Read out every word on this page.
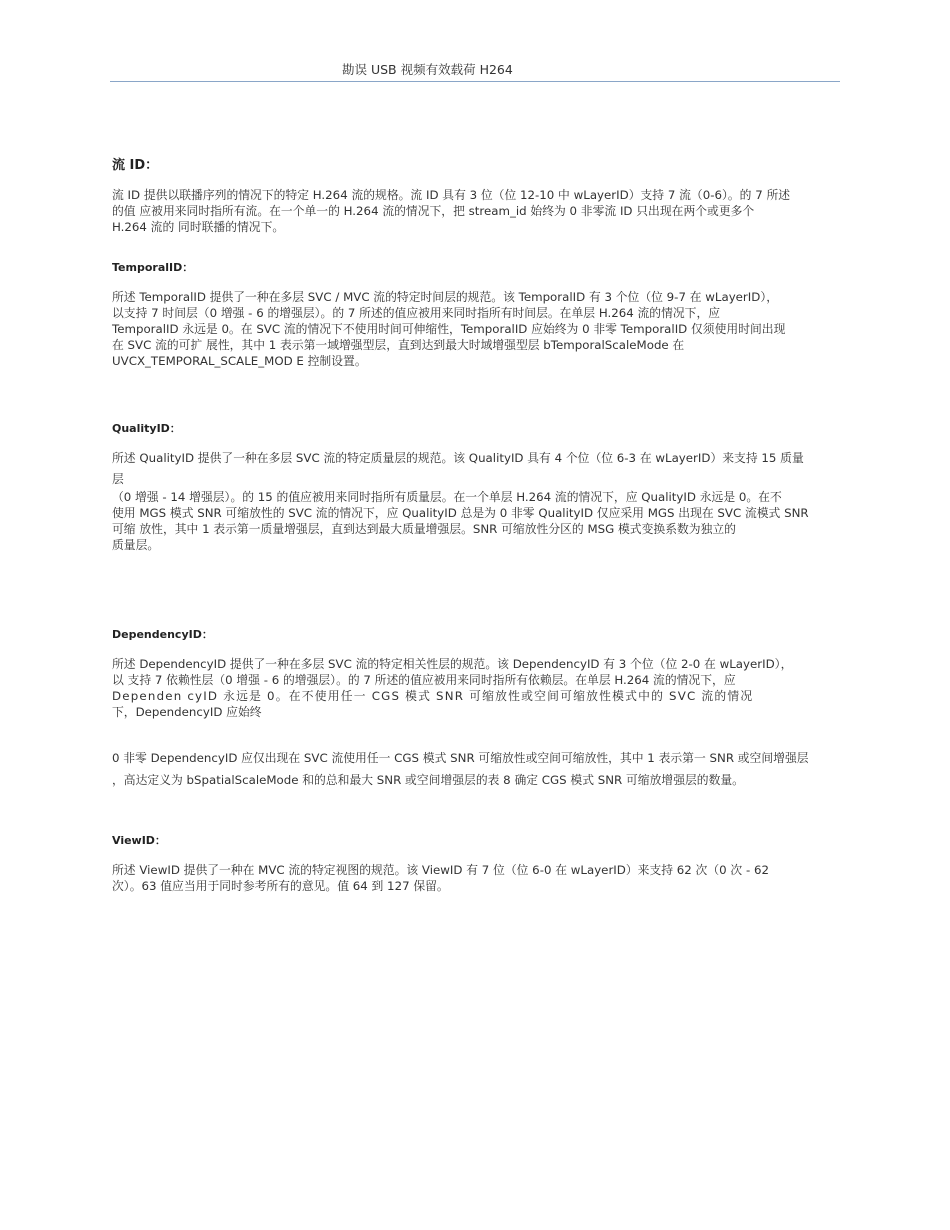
勘误 USB 视频有效载荷 H264
流 ID：
流 ID 提供以联播序列的情况下的特定 H.264 流的规格。流 ID 具有 3 位（位 12-10 中 wLayerID）支持 7 流（0-6）。的 7 所述
的值 应被用来同时指所有流。在一个单一的 H.264 流的情况下，把 stream_id 始终为 0 非零流 ID 只出现在两个或更多个
H.264 流的 同时联播的情况下。
TemporalID：
所述 TemporalID 提供了一种在多层 SVC / MVC 流的特定时间层的规范。该 TemporalID 有 3 个位（位 9-7 在 wLayerID），
以支持 7 时间层（0 增强 - 6 的增强层）。的 7 所述的值应被用来同时指所有时间层。在单层 H.264 流的情况下，应
TemporalID 永远是 0。在 SVC 流的情况下不使用时间可伸缩性，TemporalID 应始终为 0 非零 TemporalID 仅须使用时间出现
在 SVC 流的可扩 展性，其中 1 表示第一域增强型层，直到达到最大时域增强型层 bTemporalScaleMode 在
UVCX_TEMPORAL_SCALE_MOD E 控制设置。
QualityID：
所述 QualityID 提供了一种在多层 SVC 流的特定质量层的规范。该 QualityID 具有 4 个位（位 6-3 在 wLayerID）来支持 15 质量
层
（0 增强 - 14 增强层）。的 15 的值应被用来同时指所有质量层。在一个单层 H.264 流的情况下，应 QualityID 永远是 0。在不
使用 MGS 模式 SNR 可缩放性的 SVC 流的情况下，应 QualityID 总是为 0 非零 QualityID 仅应采用 MGS 出现在 SVC 流模式 SNR
可缩 放性，其中 1 表示第一质量增强层，直到达到最大质量增强层。SNR 可缩放性分区的 MSG 模式变换系数为独立的
质量层。
DependencyID：
所述 DependencyID 提供了一种在多层 SVC 流的特定相关性层的规范。该 DependencyID 有 3 个位（位 2-0 在 wLayerID），
以 支持 7 依赖性层（0 增强 - 6 的增强层）。的 7 所述的值应被用来同时指所有依赖层。在单层 H.264 流的情况下，应
Dependen cyID 永远是 0。在不使用任一 CGS 模式 SNR 可缩放性或空间可缩放性模式中的 SVC 流的情况
下，DependencyID 应始终
0 非零 DependencyID 应仅出现在 SVC 流使用任一 CGS 模式 SNR 可缩放性或空间可缩放性，其中 1 表示第一 SNR 或空间增强层
，高达定义为 bSpatialScaleMode 和的总和最大 SNR 或空间增强层的表 8 确定 CGS 模式 SNR 可缩放增强层的数量。
ViewID：
所述 ViewID 提供了一种在 MVC 流的特定视图的规范。该 ViewID 有 7 位（位 6-0 在 wLayerID）来支持 62 次（0 次 - 62
次）。63 值应当用于同时参考所有的意见。值 64 到 127 保留。
